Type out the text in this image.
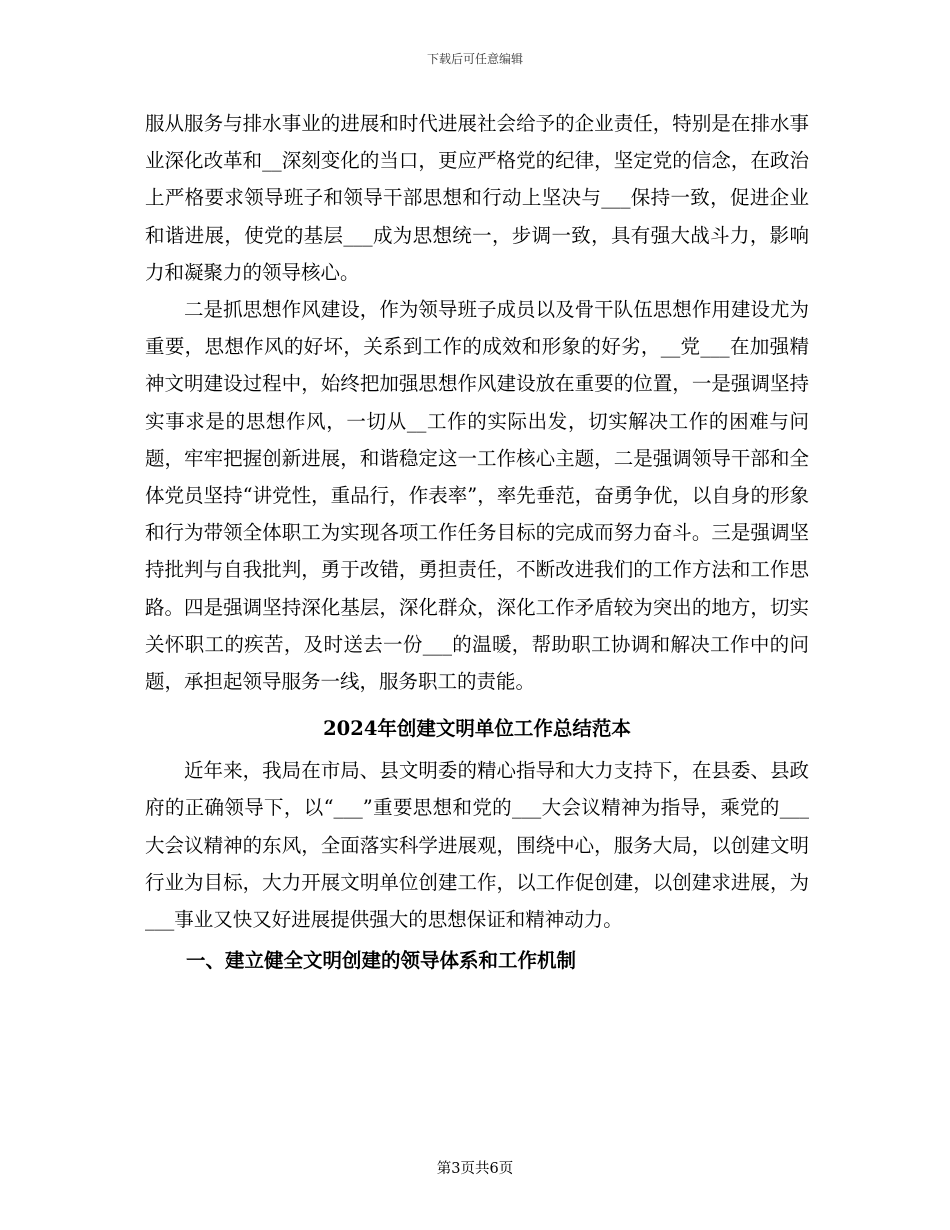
下载后可任意编辑

服从服务与排水事业的进展和时代进展社会给予的企业责任，特别是在排水事业深化改革和__深刻变化的当口，更应严格党的纪律，坚定党的信念，在政治上严格要求领导班子和领导干部思想和行动上坚决与___保持一致，促进企业和谐进展，使党的基层___成为思想统一，步调一致，具有强大战斗力，影响力和凝聚力的领导核心。

二是抓思想作风建设，作为领导班子成员以及骨干队伍思想作用建设尤为重要，思想作风的好坏，关系到工作的成效和形象的好劣，__党___在加强精神文明建设过程中，始终把加强思想作风建设放在重要的位置，一是强调坚持实事求是的思想作风，一切从__工作的实际出发，切实解决工作的困难与问题，牢牢把握创新进展，和谐稳定这一工作核心主题，二是强调领导干部和全体党员坚持“讲党性，重品行，作表率”，率先垂范，奋勇争优，以自身的形象和行为带领全体职工为实现各项工作任务目标的完成而努力奋斗。三是强调坚持批判与自我批判，勇于改错，勇担责任，不断改进我们的工作方法和工作思路。四是强调坚持深化基层，深化群众，深化工作矛盾较为突出的地方，切实关怀职工的疾苦，及时送去一份___的温暖，帮助职工协调和解决工作中的问题，承担起领导服务一线，服务职工的责能。

2024年创建文明单位工作总结范本

近年来，我局在市局、县文明委的精心指导和大力支持下，在县委、县政府的正确领导下，以“___”重要思想和党的___大会议精神为指导，乘党的___大会议精神的东风，全面落实科学进展观，围绕中心，服务大局，以创建文明行业为目标，大力开展文明单位创建工作，以工作促创建，以创建求进展，为___事业又快又好进展提供强大的思想保证和精神动力。

一、建立健全文明创建的领导体系和工作机制
第3页共6页
